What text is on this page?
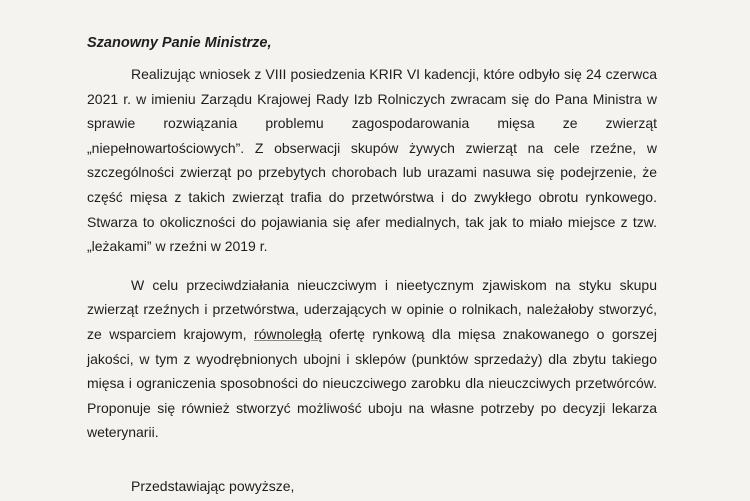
Szanowny Panie Ministrze,

Realizując wniosek z VIII posiedzenia KRIR VI kadencji, które odbyło się 24 czerwca 2021 r. w imieniu Zarządu Krajowej Rady Izb Rolniczych zwracam się do Pana Ministra w sprawie rozwiązania problemu zagospodarowania mięsa ze zwierząt „niepełnowartościowych”. Z obserwacji skupów żywych zwierząt na cele rzeźne, w szczególności zwierząt po przebytych chorobach lub urazami nasuwa się podejrzenie, że część mięsa z takich zwierząt trafia do przetwórstwa i do zwykłego obrotu rynkowego. Stwarza to okoliczności do pojawiania się afer medialnych, tak jak to miało miejsce z tzw. „leżakami” w rzeźni w 2019 r.

W celu przeciwdziałania nieuczciwym i nieetycznym zjawiskom na styku skupu zwierząt rzeźnych i przetwórstwa, uderzających w opinie o rolnikach, należałoby stworzyć, ze wsparciem krajowym, równoległą ofertę rynkową dla mięsa znakowanego o gorszej jakości, w tym z wyodrębnionych ubojni i sklepów (punktów sprzedaży) dla zbytu takiego mięsa i ograniczenia sposobności do nieuczciwego zarobku dla nieuczciwych przetwórców. Proponuje się również stworzyć możliwość uboju na własne potrzeby po decyzji lekarza weterynarii.

Przedstawiając powyższe,
